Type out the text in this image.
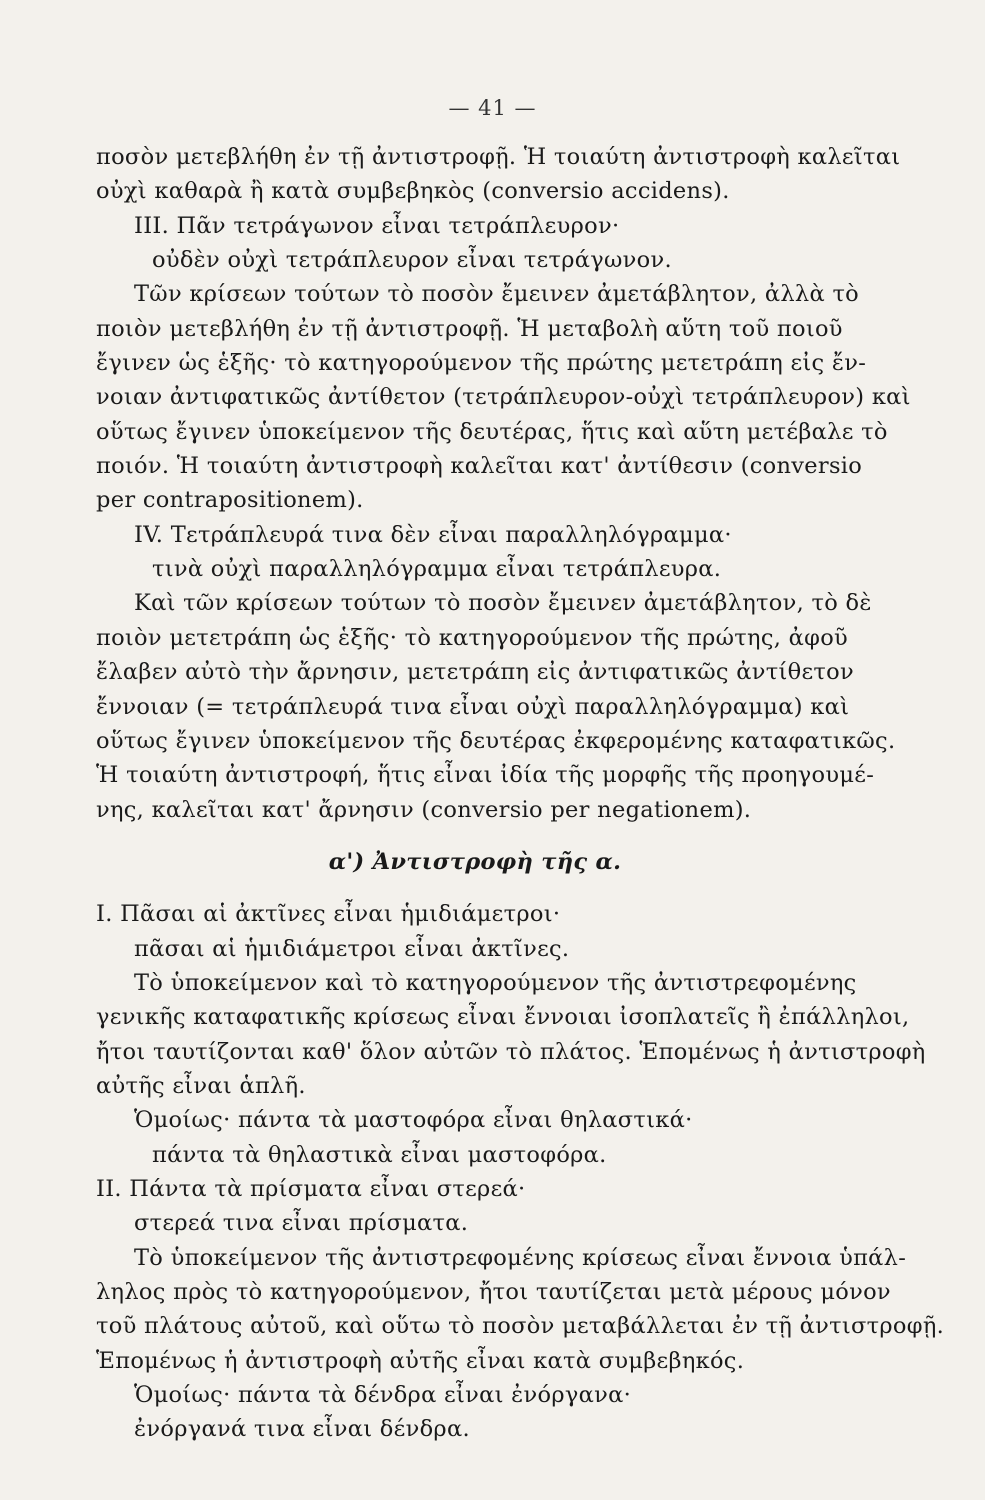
— 41 —
ποσὸν μετεβλήθη ἐν τῇ ἀντιστροφῇ. Ἡ τοιαύτη ἀντιστροφὴ καλεῖται
οὐχὶ καθαρὰ ἢ κατὰ συμβεβηκὸς (conversio accidens).
III. Πᾶν τετράγωνον εἶναι τετράπλευρον·
οὐδὲν οὐχὶ τετράπλευρον εἶναι τετράγωνον.
Τῶν κρίσεων τούτων τὸ ποσὸν ἔμεινεν ἀμετάβλητον, ἀλλὰ τὸ
ποιὸν μετεβλήθη ἐν τῇ ἀντιστροφῇ. Ἡ μεταβολὴ αὕτη τοῦ ποιοῦ
ἔγινεν ὡς ἑξῆς· τὸ κατηγορούμενον τῆς πρώτης μετετράπη εἰς ἔν-
νοιαν ἀντιφατικῶς ἀντίθετον (τετράπλευρον-οὐχὶ τετράπλευρον) καὶ
οὕτως ἔγινεν ὑποκείμενον τῆς δευτέρας, ἥτις καὶ αὕτη μετέβαλε τὸ
ποιόν. Ἡ τοιαύτη ἀντιστροφὴ καλεῖται κατ' ἀντίθεσιν (conversio
per contrapositionem).
IV. Τετράπλευρά τινα δὲν εἶναι παραλληλόγραμμα·
τινὰ οὐχὶ παραλληλόγραμμα εἶναι τετράπλευρα.
Καὶ τῶν κρίσεων τούτων τὸ ποσὸν ἔμεινεν ἀμετάβλητον, τὸ δὲ
ποιὸν μετετράπη ὡς ἑξῆς· τὸ κατηγορούμενον τῆς πρώτης, ἀφοῦ
ἔλαβεν αὐτὸ τὴν ἄρνησιν, μετετράπη εἰς ἀντιφατικῶς ἀντίθετον
ἔννοιαν (= τετράπλευρά τινα εἶναι οὐχὶ παραλληλόγραμμα) καὶ
οὕτως ἔγινεν ὑποκείμενον τῆς δευτέρας ἐκφερομένης καταφατικῶς.
Ἡ τοιαύτη ἀντιστροφή, ἥτις εἶναι ἰδία τῆς μορφῆς τῆς προηγουμέ-
νης, καλεῖται κατ' ἄρνησιν (conversio per negationem).
α') Ἀντιστροφὴ τῆς α.
I. Πᾶσαι αἱ ἀκτῖνες εἶναι ἡμιδιάμετροι·
πᾶσαι αἱ ἡμιδιάμετροι εἶναι ἀκτῖνες.
Τὸ ὑποκείμενον καὶ τὸ κατηγορούμενον τῆς ἀντιστρεφομένης
γενικῆς καταφατικῆς κρίσεως εἶναι ἔννοιαι ἰσοπλατεῖς ἢ ἐπάλληλοι,
ἤτοι ταυτίζονται καθ' ὅλον αὐτῶν τὸ πλάτος. Ἑπομένως ἡ ἀντιστροφὴ
αὐτῆς εἶναι ἁπλῆ.
Ὁμοίως· πάντα τὰ μαστοφόρα εἶναι θηλαστικά·
πάντα τὰ θηλαστικὰ εἶναι μαστοφόρα.
II. Πάντα τὰ πρίσματα εἶναι στερεά·
στερεά τινα εἶναι πρίσματα.
Τὸ ὑποκείμενον τῆς ἀντιστρεφομένης κρίσεως εἶναι ἔννοια ὑπάλ-
ληλος πρὸς τὸ κατηγορούμενον, ἤτοι ταυτίζεται μετὰ μέρους μόνον
τοῦ πλάτους αὐτοῦ, καὶ οὕτω τὸ ποσὸν μεταβάλλεται ἐν τῇ ἀντιστροφῇ.
Ἑπομένως ἡ ἀντιστροφὴ αὐτῆς εἶναι κατὰ συμβεβηκός.
Ὁμοίως· πάντα τὰ δένδρα εἶναι ἐνόργανα·
ἐνόργανά τινα εἶναι δένδρα.
